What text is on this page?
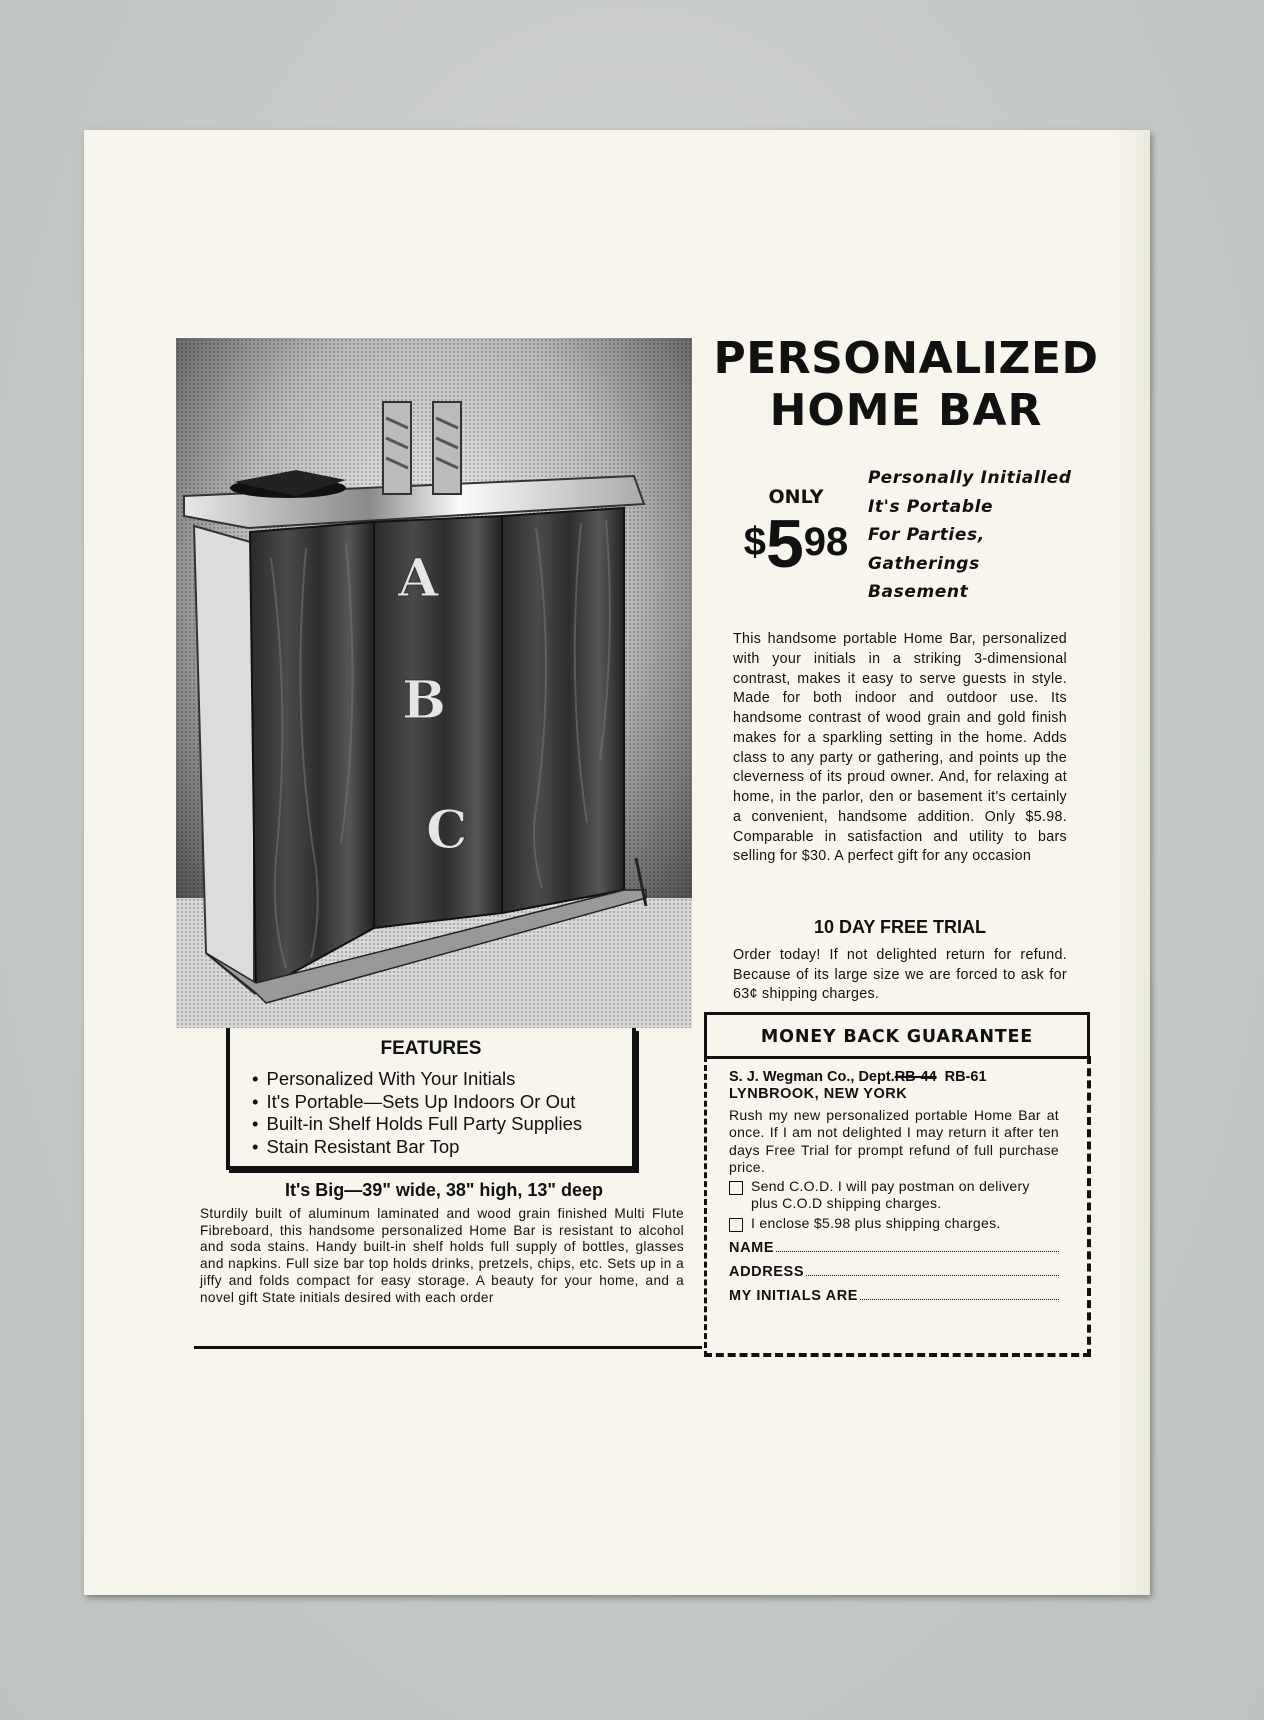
A
B
C
PERSONALIZED
HOME BAR
ONLY
$ 5 98
Personally Initialled
It's Portable
For Parties,
Gatherings
Basement
This handsome portable Home Bar, personalized with your initials in a striking 3-dimensional contrast, makes it easy to serve guests in style. Made for both indoor and outdoor use. Its handsome contrast of wood grain and gold finish makes for a sparkling setting in the home. Adds class to any party or gathering, and points up the cleverness of its proud owner. And, for relaxing at home, in the parlor, den or basement it's certainly a convenient, handsome addition. Only $5.98. Comparable in satisfaction and utility to bars selling for $30. A perfect gift for any occasion
10 DAY FREE TRIAL
Order today! If not delighted return for refund. Because of its large size we are forced to ask for 63¢ shipping charges.
FEATURES
• Personalized With Your Initials
• It's Portable—Sets Up Indoors Or Out
• Built-in Shelf Holds Full Party Supplies
• Stain Resistant Bar Top
It's Big—39" wide, 38" high, 13" deep
Sturdily built of aluminum laminated and wood grain finished Multi Flute Fibreboard, this handsome personalized Home Bar is resistant to alcohol and soda stains. Handy built-in shelf holds full supply of bottles, glasses and napkins. Full size bar top holds drinks, pretzels, chips, etc. Sets up in a jiffy and folds compact for easy storage. A beauty for your home, and a novel gift State initials desired with each order
MONEY BACK GUARANTEE
S. J. Wegman Co., Dept.RB-44 RB-61
LYNBROOK, NEW YORK
Rush my new personalized portable Home Bar at once. If I am not delighted I may return it after ten days Free Trial for prompt refund of full purchase price.
Send C.O.D. I will pay postman on delivery plus C.O.D shipping charges.
I enclose $5.98 plus shipping charges.
NAME
ADDRESS
MY INITIALS ARE
